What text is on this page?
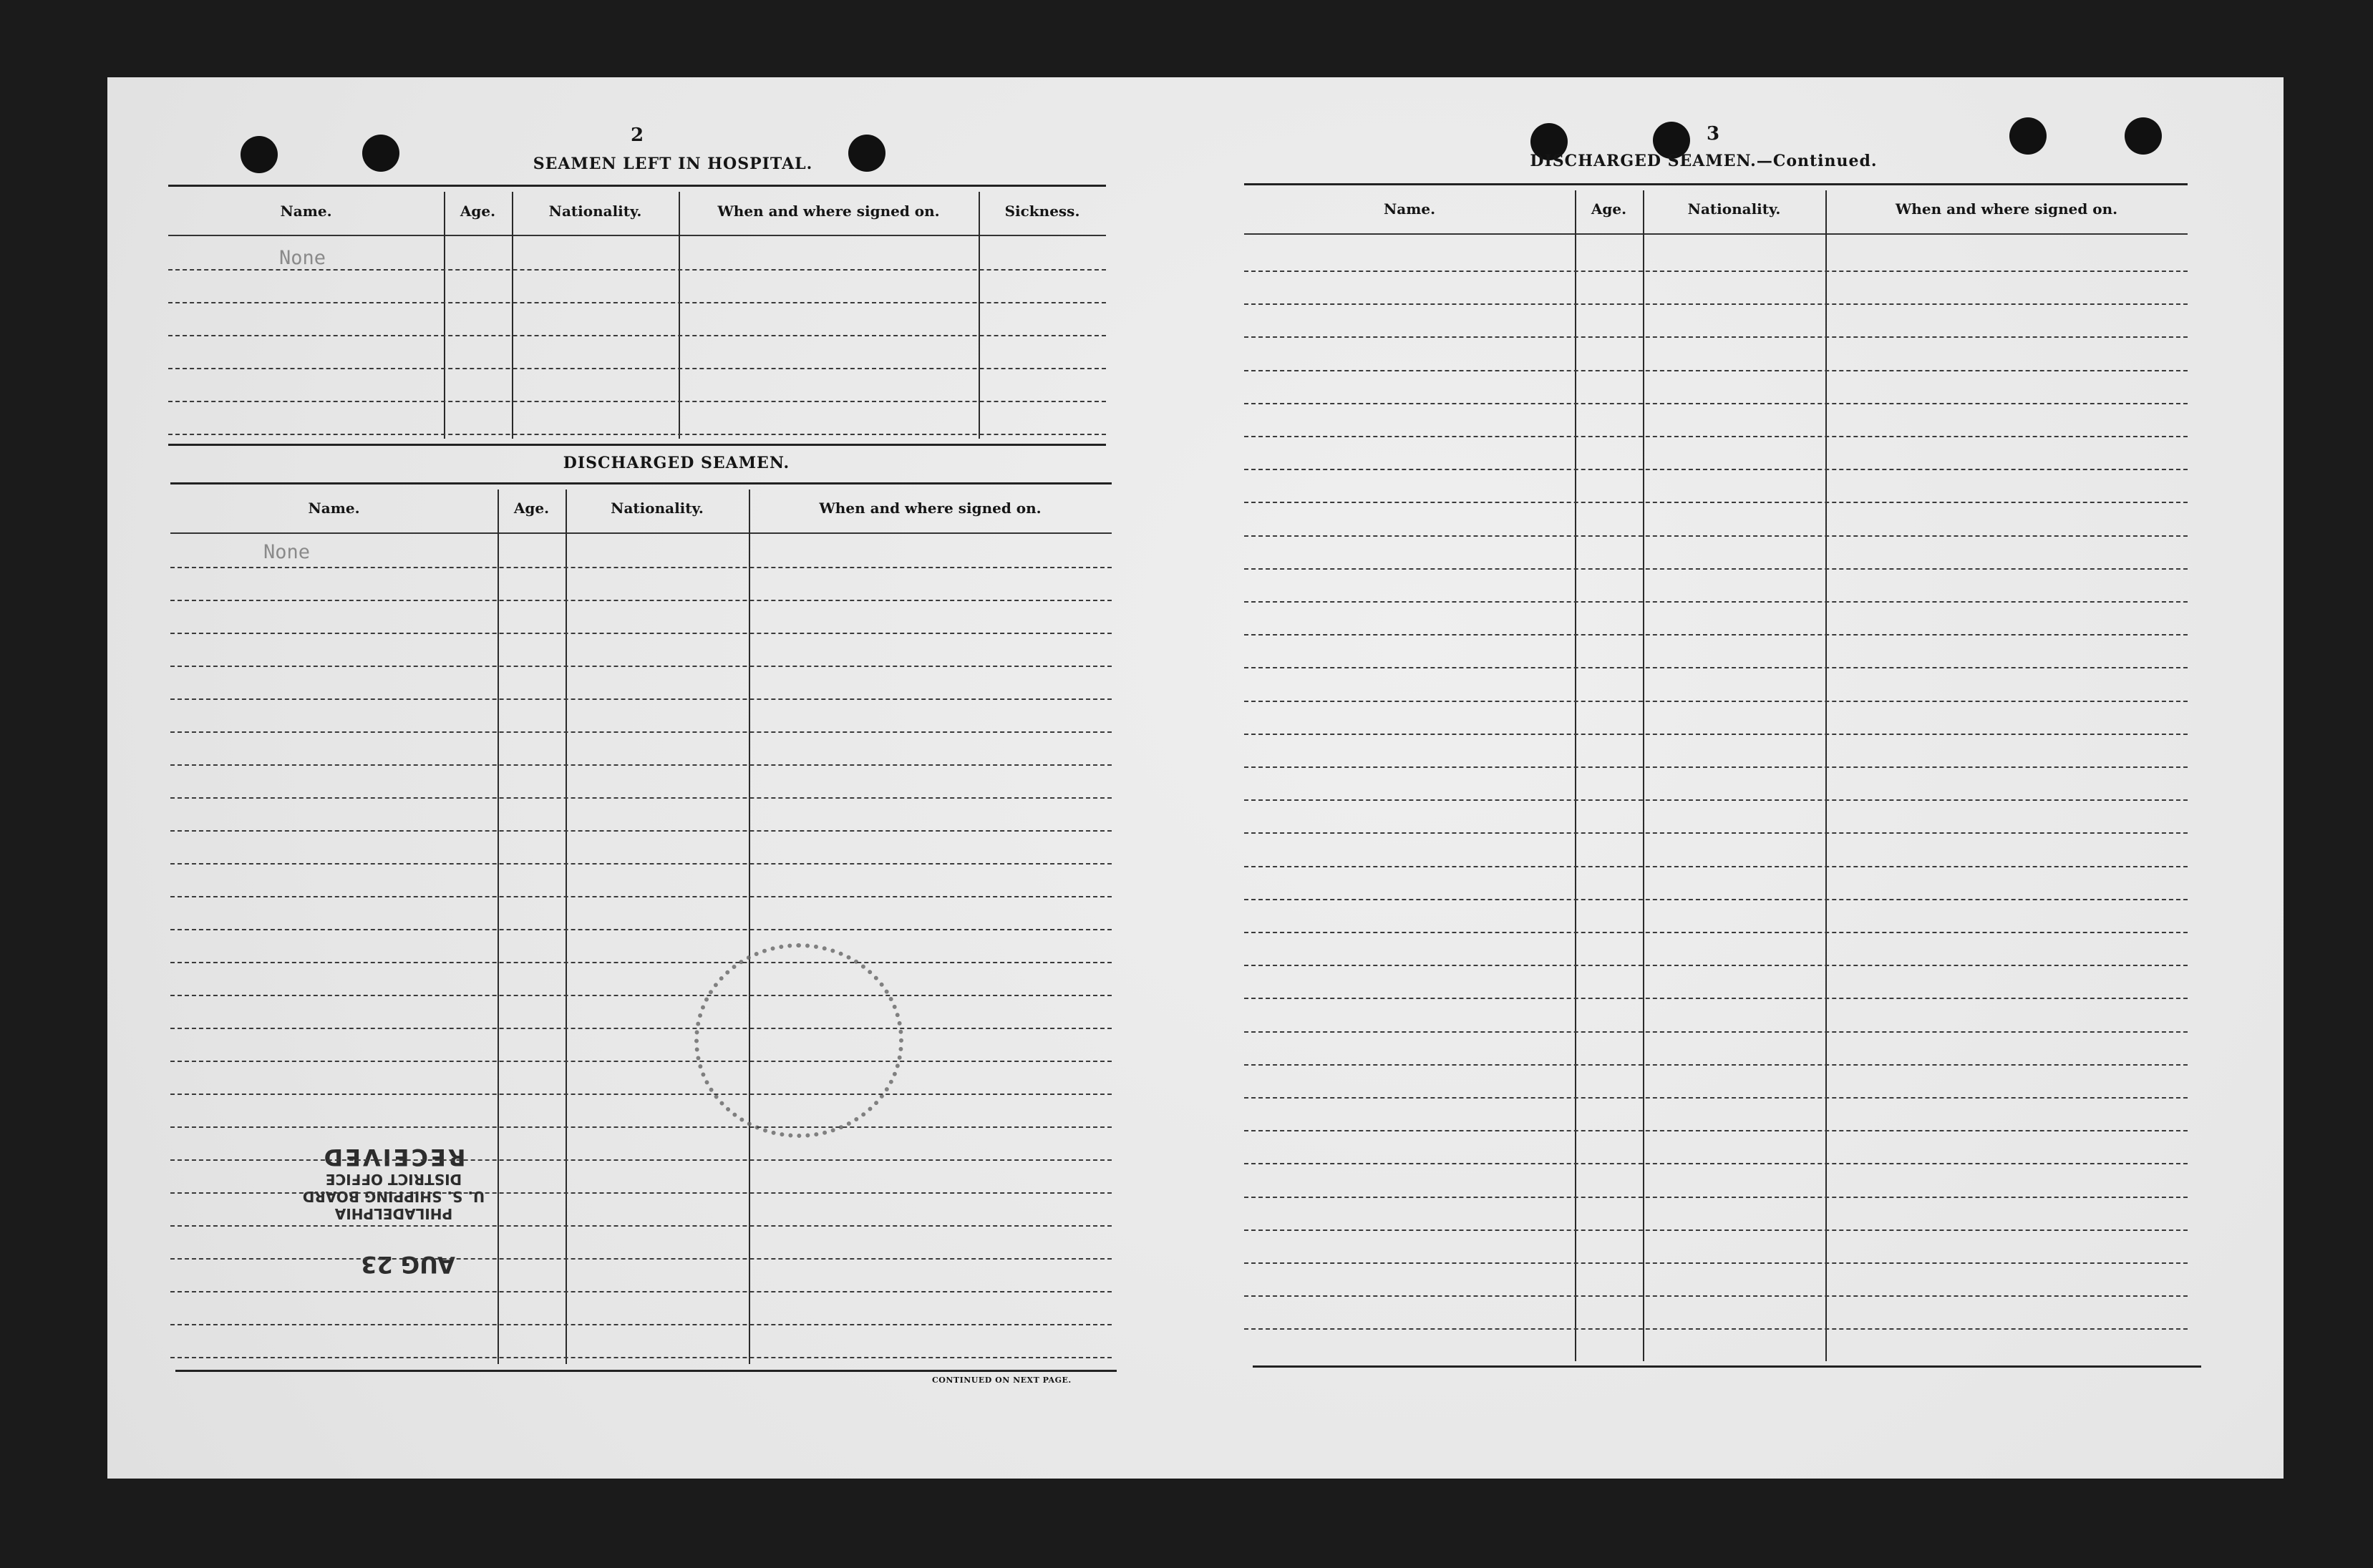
2
SEAMEN LEFT IN HOSPITAL.
Name.	Age.	Nationality.	When and where signed on.	Sickness.
None
DISCHARGED SEAMEN.
Name.	Age.	Nationality.	When and where signed on.
None
CONTINUED ON NEXT PAGE.
PHILADELPHIA
U. S. SHIPPING BOARD
DISTRICT OFFICE
RECEIVED
AUG 23
3
DISCHARGED SEAMEN.—Continued.
Name.	Age.	Nationality.	When and where signed on.
